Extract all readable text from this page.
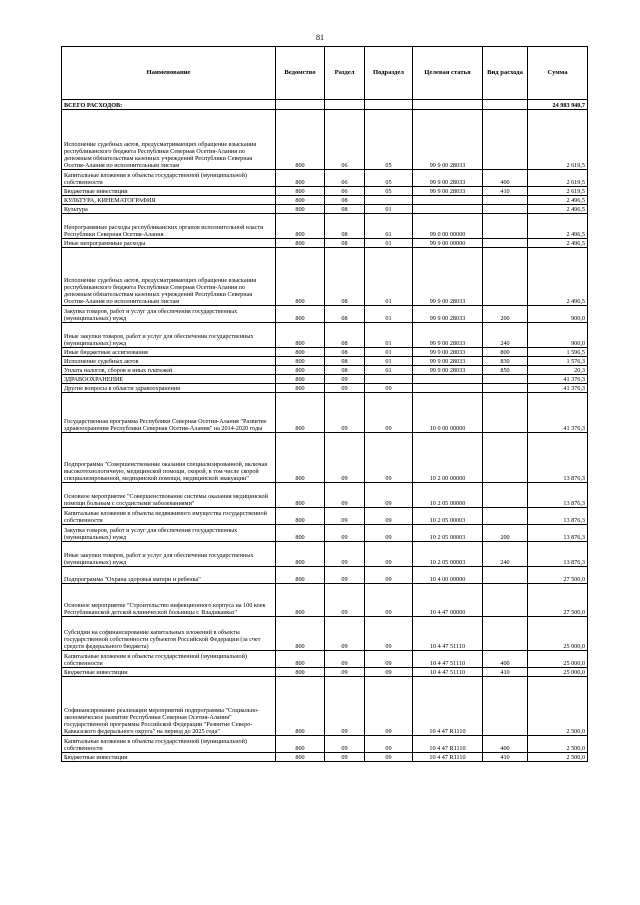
81
Наименование	Ведомство	Раздел	Подраздел	Целевая статья	Вид расхода	Сумма
ВСЕГО РАСХОДОВ:						24 983 940,7
Исполнение судебных актов, предусматривающих обращение взыскания республиканского бюджета Республики Северная Осетия-Алания по денежным обязательствам казенных учреждений Республики Северная Осетия-Алания по исполнительным листам	800	06	05	99 9 00 28033		2 619,5
Капитальные вложения в объекты государственной (муниципальной) собственности	800	06	05	99 9 00 28033	400	2 619,5
Бюджетные инвестиции	800	06	05	99 9 00 28033	410	2 619,5
КУЛЬТУРА, КИНЕМАТОГРАФИЯ	800	08				2 496,5
Культура	800	08	01			2 496,5
Непрограммные расходы республиканских органов исполнительной власти Республики Северная Осетия-Алания	800	08	01	99 0 00 00000		2 496,5
Иные непрограммные расходы	800	08	01	99 9 00 00000		2 496,5
Исполнение судебных актов, предусматривающих обращение взыскания республиканского бюджета Республики Северная Осетия-Алания по денежным обязательствам казенных учреждений Республики Северная Осетия-Алания по исполнительным листам	800	08	01	99 9 00 28033		2 496,5
Закупка товаров, работ и услуг для обеспечения государственных (муниципальных) нужд	800	08	01	99 9 00 28033	200	900,0
Иные закупки товаров, работ и услуг для обеспечения государственных (муниципальных) нужд	800	08	01	99 9 00 28033	240	900,0
Иные бюджетные ассигнования	800	08	01	99 9 00 28033	800	1 596,5
Исполнение судебных актов	800	08	01	99 9 00 28033	830	1 576,3
Уплата налогов, сборов и иных платежей	800	08	01	99 9 00 28033	850	20,3
ЗДРАВООХРАНЕНИЕ	800	09				41 376,3
Другие вопросы в области здравоохранения	800	09	09			41 376,3
Государственная программа Республики Северная Осетия-Алания "Развитие здравоохранения Республики Северная Осетия-Алания" на 2014-2020 годы	800	09	09	10 0 00 00000		41 376,3
Подпрограмма "Совершенствование оказания специализированной, включая высокотехнологичную, медицинской помощи, скорой, в том числе скорой специализированной, медицинской помощи, медицинской эвакуации"	800	09	09	10 2 00 00000		13 876,3
Основное мероприятие "Совершенствование системы оказания медицинской помощи больным с сосудистыми заболеваниями"	800	09	09	10 2 05 00000		13 876,3
Капитальные вложения в объекты недвижимого имущества государственной собственности	800	09	09	10 2 05 00003		13 876,3
Закупка товаров, работ и услуг для обеспечения государственных (муниципальных) нужд	800	09	09	10 2 05 00003	200	13 876,3
Иные закупки товаров, работ и услуг для обеспечения государственных (муниципальных) нужд	800	09	09	10 2 05 00003	240	13 876,3
Подпрограмма "Охрана здоровья матери и ребенка"	800	09	09	10 4 00 00000		27 500,0
Основное мероприятие "Строительство инфекционного корпуса на 100 коек Республиканской детской клинической больницы г. Владикавказ"	800	09	09	10 4 47 00000		27 500,0
Субсидии на софинансирование капитальных вложений в объекты государственной собственности субъектов Российской Федерации (за счет средств федерального бюджета)	800	09	09	10 4 47 51110		25 000,0
Капитальные вложения в объекты государственной (муниципальной) собственности	800	09	09	10 4 47 51110	400	25 000,0
Бюджетные инвестиции	800	09	09	10 4 47 51110	410	25 000,0
Софинансирование реализации мероприятий подпрограммы "Социально-экономическое развитие Республики Северная Осетия-Алания" государственной программы Российской Федерации "Развитие Северо-Кавказского федерального округа" на период до 2025 года"	800	09	09	10 4 47 R1110		2 500,0
Капитальные вложения в объекты государственной (муниципальной) собственности	800	09	09	10 4 47 R1110	400	2 500,0
Бюджетные инвестиции	800	09	09	10 4 47 R1110	410	2 500,0
